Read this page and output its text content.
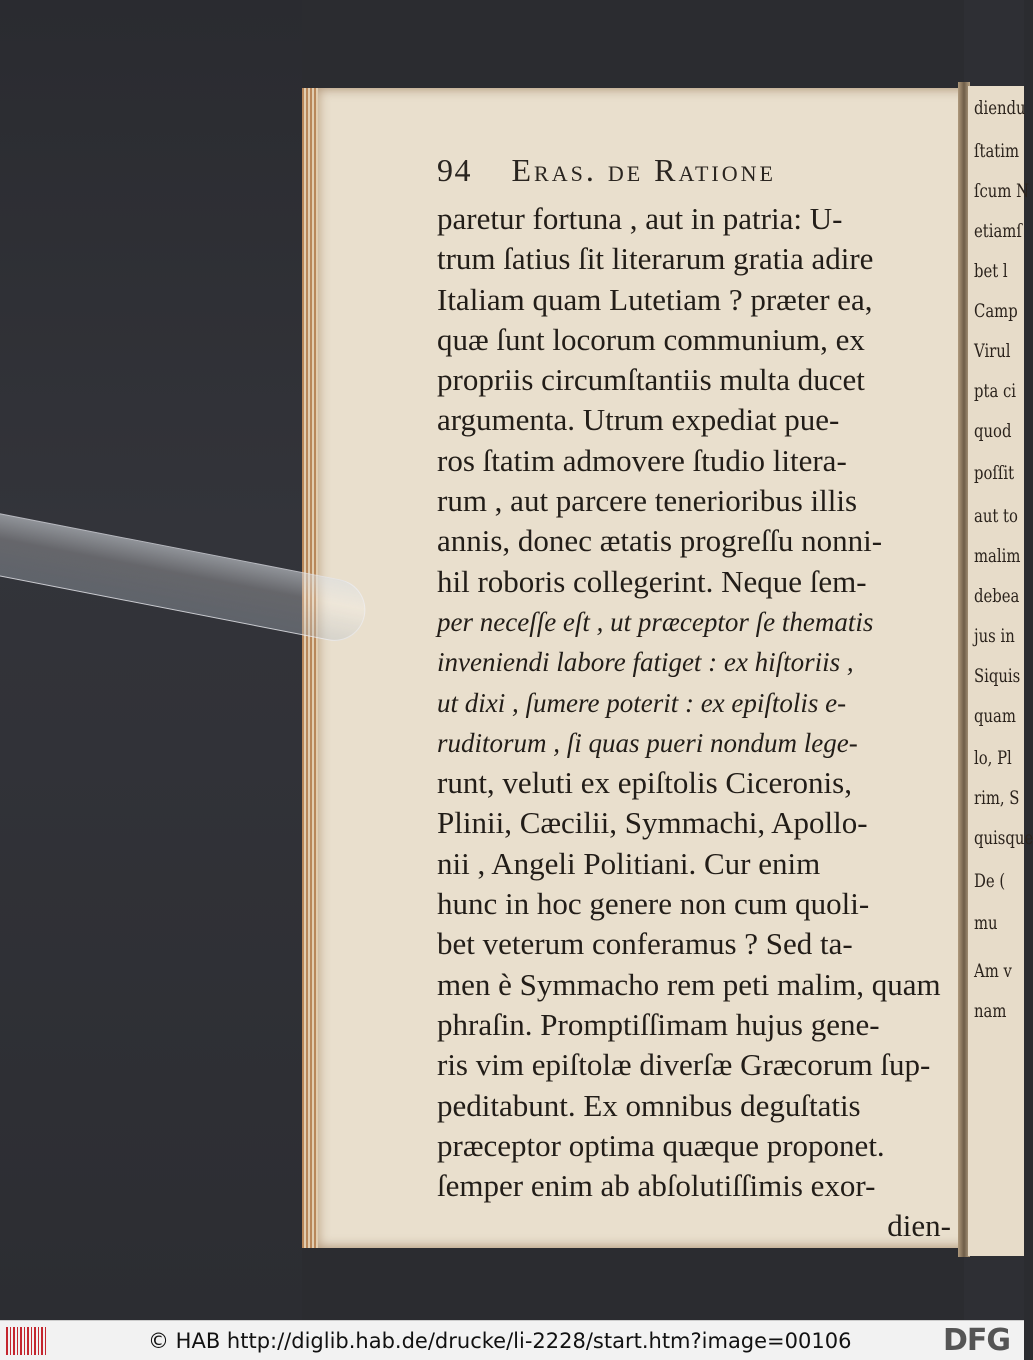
diendu
ſtatim
ſcum N
etiamſ
bet l
Camp
Virul
pta ci
quod
poſſit
aut to
malim
debea
jus in
Siquis
quam
lo, Pl
rim, S
quisque
De (
mu
Am v
nam
94 Eras. de Ratione
paretur fortuna , aut in patria: U-
trum ſatius ſit literarum gratia adire
Italiam quam Lutetiam ? præter ea,
quæ ſunt locorum communium, ex
propriis circumſtantiis multa ducet
argumenta. Utrum expediat pue-
ros ſtatim admovere ſtudio litera-
rum , aut parcere tenerioribus illis
annis, donec ætatis progreſſu nonni-
hil roboris collegerint. Neque ſem-
per neceſſe eſt , ut præceptor ſe thematis
inveniendi labore fatiget : ex hiſtoriis ,
ut dixi , ſumere poterit : ex epiſtolis e-
ruditorum , ſi quas pueri nondum lege-
runt, veluti ex epiſtolis Ciceronis,
Plinii, Cæcilii, Symmachi, Apollo-
nii , Angeli Politiani. Cur enim
hunc in hoc genere non cum quoli-
bet veterum conferamus ? Sed ta-
men è Symmacho rem peti malim, quam
phraſin. Promptiſſimam hujus gene-
ris vim epiſtolæ diverſæ Græcorum ſup-
peditabunt. Ex omnibus deguſtatis
præceptor optima quæque proponet.
ſemper enim ab abſolutiſſimis exor-
dien-
© HAB http://diglib.hab.de/drucke/li-2228/start.htm?image=00106	DFG
